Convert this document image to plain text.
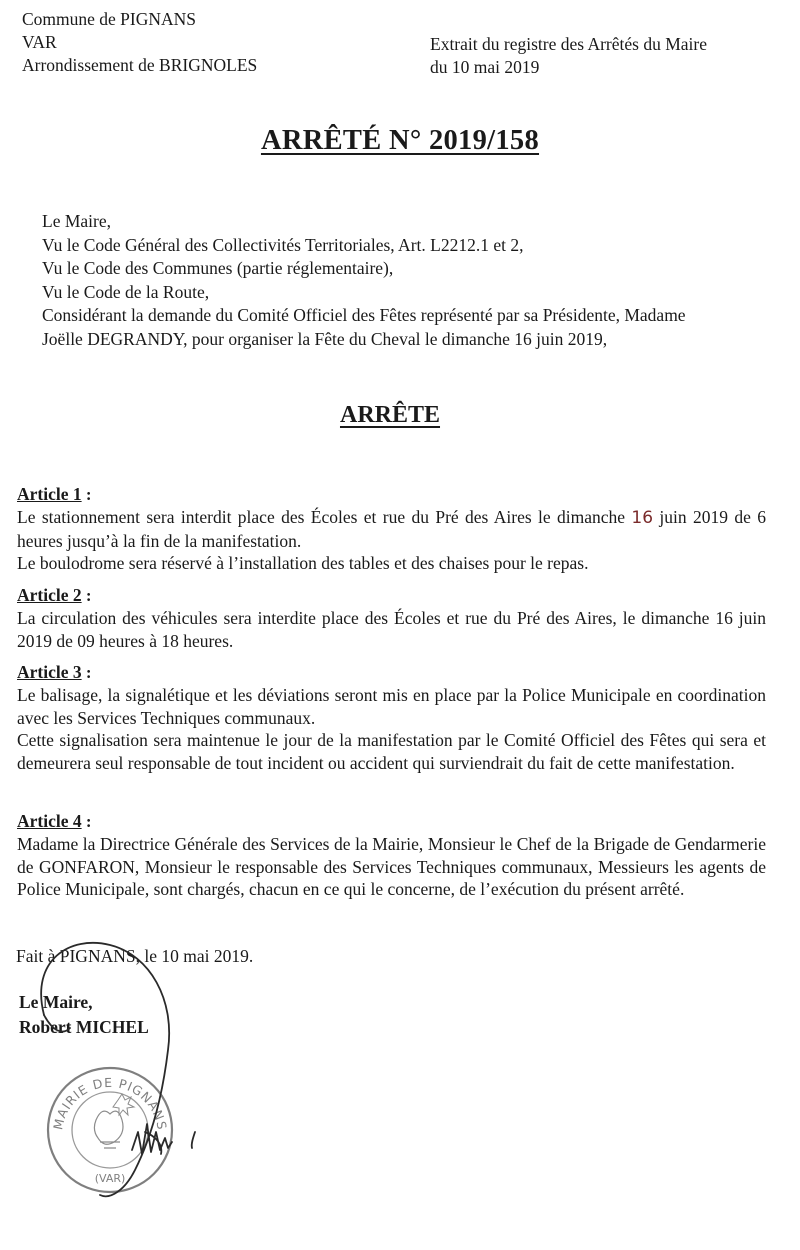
Commune de PIGNANS
VAR
Arrondissement de BRIGNOLES
Extrait du registre des Arrêtés du Maire
du 10 mai 2019
ARRÊTÉ N° 2019/158
Le Maire,
Vu le Code Général des Collectivités Territoriales, Art. L2212.1 et 2,
Vu le Code des Communes (partie réglementaire),
Vu le Code de la Route,
Considérant la demande du Comité Officiel des Fêtes représenté par sa Présidente, Madame
Joëlle DEGRANDY, pour organiser la Fête du Cheval le dimanche 16 juin 2019,
ARRÊTE
Article 1 :

Le stationnement sera interdit place des Écoles et rue du Pré des Aires le dimanche 16 juin 2019 de 6 heures jusqu’à la fin de la manifestation.

Le boulodrome sera réservé à l’installation des tables et des chaises pour le repas.

Article 2 :

La circulation des véhicules sera interdite place des Écoles et rue du Pré des Aires, le dimanche 16 juin 2019 de 09 heures à 18 heures.

Article 3 :

Le balisage, la signalétique et les déviations seront mis en place par la Police Municipale en coordination avec les Services Techniques communaux.

Cette signalisation sera maintenue le jour de la manifestation par le Comité Officiel des Fêtes qui sera et demeurera seul responsable de tout incident ou accident qui surviendrait du fait de cette manifestation.

Article 4 :

Madame la Directrice Générale des Services de la Mairie, Monsieur le Chef de la Brigade de Gendarmerie de GONFARON, Monsieur le responsable des Services Techniques communaux, Messieurs les agents de Police Municipale, sont chargés, chacun en ce qui le concerne, de l’exécution du présent arrêté.

Fait à PIGNANS, le 10 mai 2019.
Le Maire,
Robert MICHEL
MAIRIE DE PIGNANS
(VAR)
